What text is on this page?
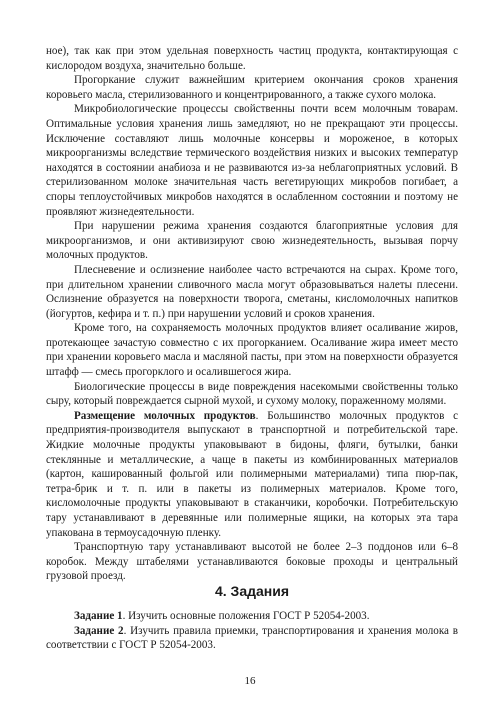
ное), так как при этом удельная поверхность частиц продукта, контактирующая с кислородом воздуха, значительно больше.

Прогоркание служит важнейшим критерием окончания сроков хранения коровьего масла, стерилизованного и концентрированного, а также сухого молока.

Микробиологические процессы свойственны почти всем молочным товарам. Оптимальные условия хранения лишь замедляют, но не прекращают эти процессы. Исключение составляют лишь молочные консервы и мороженое, в которых микроорганизмы вследствие термического воздействия низких и высоких температур находятся в состоянии анабиоза и не развиваются из-за неблагоприятных условий. В стерилизованном молоке значительная часть вегетирующих микробов погибает, а споры теплоустойчивых микробов находятся в ослабленном состоянии и поэтому не проявляют жизнедеятельности.

При нарушении режима хранения создаются благоприятные условия для микроорганизмов, и они активизируют свою жизнедеятельность, вызывая порчу молочных продуктов.

Плесневение и ослизнение наиболее часто встречаются на сырах. Кроме того, при длительном хранении сливочного масла могут образовываться налеты плесени. Ослизнение образуется на поверхности творога, сметаны, кисломолочных напитков (йогуртов, кефира и т. п.) при нарушении условий и сроков хранения.

Кроме того, на сохраняемость молочных продуктов влияет осаливание жиров, протекающее зачастую совместно с их прогорканием. Осаливание жира имеет место при хранении коровьего масла и масляной пасты, при этом на поверхности образуется штафф — смесь прогорклого и осалившегося жира.

Биологические процессы в виде повреждения насекомыми свойственны только сыру, который повреждается сырной мухой, и сухому молоку, пораженному молями.

Размещение молочных продуктов. Большинство молочных продуктов с предприятия-производителя выпускают в транспортной и потребительской таре. Жидкие молочные продукты упаковывают в бидоны, фляги, бутылки, банки стеклянные и металлические, а чаще в пакеты из комбинированных материалов (картон, кашированный фольгой или полимерными материалами) типа пюр-пак, тетра-брик и т. п. или в пакеты из полимерных материалов. Кроме того, кисломолочные продукты упаковывают в стаканчики, коробочки. Потребительскую тару устанавливают в деревянные или полимерные ящики, на которых эта тара упакована в термоусадочную пленку.

Транспортную тару устанавливают высотой не более 2–3 поддонов или 6–8 коробок. Между штабелями устанавливаются боковые проходы и центральный грузовой проезд.

4. Задания

Задание 1. Изучить основные положения ГОСТ Р 52054-2003.

Задание 2. Изучить правила приемки, транспортирования и хранения молока в соответствии с ГОСТ Р 52054-2003.

16
